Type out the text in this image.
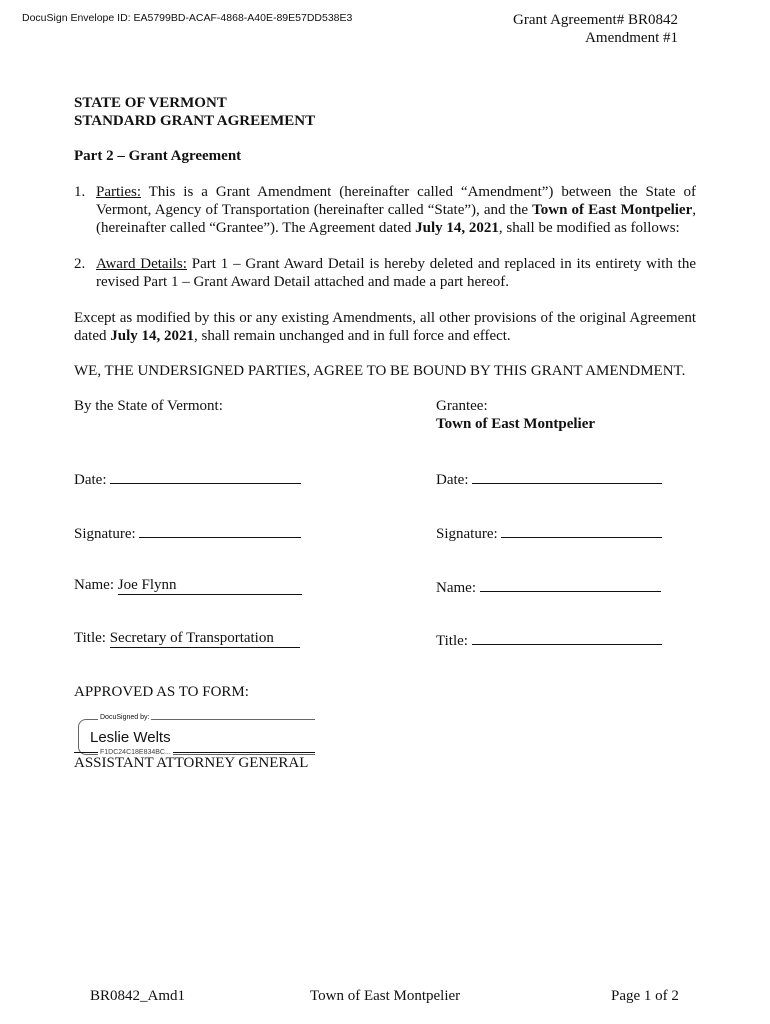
DocuSign Envelope ID: EA5799BD-ACAF-4868-A40E-89E57DD538E3	Grant Agreement# BR0842
Amendment #1
STATE OF VERMONT
STANDARD GRANT AGREEMENT
Part 2 – Grant Agreement
1. Parties: This is a Grant Amendment (hereinafter called “Amendment”) between the State of Vermont, Agency of Transportation (hereinafter called “State”), and the Town of East Montpelier, (hereinafter called “Grantee”). The Agreement dated July 14, 2021, shall be modified as follows:
2. Award Details: Part 1 – Grant Award Detail is hereby deleted and replaced in its entirety with the revised Part 1 – Grant Award Detail attached and made a part hereof.
Except as modified by this or any existing Amendments, all other provisions of the original Agreement dated July 14, 2021, shall remain unchanged and in full force and effect.
WE, THE UNDERSIGNED PARTIES, AGREE TO BE BOUND BY THIS GRANT AMENDMENT.
By the State of Vermont:
Date:
Signature:
Name: Joe Flynn
Title: Secretary of Transportation
Grantee:
Town of East Montpelier
Date:
Signature:
Name:
Title:
APPROVED AS TO FORM:
DocuSigned by:
Leslie Welts
F1DC24C18E834BC...
ASSISTANT ATTORNEY GENERAL
BR0842_Amd1	Town of East Montpelier	Page 1 of 2
